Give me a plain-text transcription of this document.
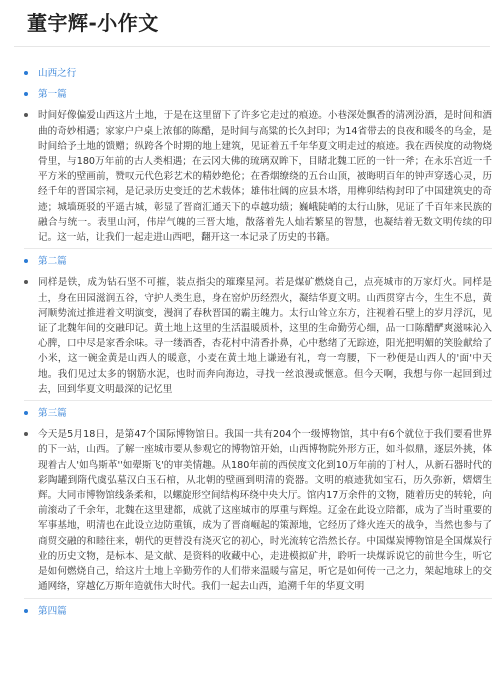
董宇辉-小作文
山西之行
第一篇
时间好像偏爱山西这片土地，于是在这里留下了许多它走过的痕迹。小巷深处飘香的清冽汾酒，是时间和酒曲的奇妙相遇；家家户户桌上浓郁的陈醋，是时间与高粱的长久封印；为14省带去的良夜和暖冬的乌金，是时间给予土地的馈赠；纵跨各个时期的地上建筑，见证着五千年华夏文明走过的痕迹。我在西侯度的动物烧骨里，与180万年前的古人类相遇；在云冈大佛的琉璃双眸下，目睹北魏工匠的一针一斧；在永乐宫近一千平方米的壁画前，赞叹元代色彩艺术的精妙绝伦；在香烟缭绕的五台山顶，被晦明百年的钟声穿透心灵，历经千年的晋国宗祠，是记录历史变迁的艺术载体；雄伟壮阔的应县木塔，用榫卯结构封印了中国建筑史的奇迹；城墙斑驳的平遥古城，彰显了晋商汇通天下的卓越功绩；巍峨陡峭的太行山脉，见证了千百年来民族的融合与统一。表里山河，伟岸气魄的三晋大地，散落着先人灿若繁星的智慧，也凝结着无数文明传续的印记。这一站，让我们一起走进山西吧，翻开这一本记录了历史的书籍。
第二篇
同样是铁，成为钻石坚不可摧，装点指尖的璀璨星河。若是煤矿燃烧自己，点亮城市的万家灯火。同样是土，身在田园滋润五谷，守护人类生息，身在窑炉历经烈火，凝结华夏文明。山西贯穿古今，生生不息，黄河顺势流过推进着文明演变，漫润了春秋晋国的霸主魄力。太行山耸立东方，注视着石壁上的岁月浮沉，见证了北魏年间的交融印记。黄土地上这里的生活温暖质朴，这里的生命勤劳心细，品一口陈醋酽爽滋味沁入心脾，口中尽是家香余味。寻一缕酒香，杏花村中清香扑鼻，心中愁绪了无踪迹，阳光把明媚的笑脸献给了小米，这一碗金黄是山西人的暖意，小麦在黄土地上谦逊有礼，弯一弯腰，下一秒便是山西人的'面'中天地。我们见过太多的钢筋水泥，也时而奔向海边，寻找一丝浪漫或惬意。但今天啊，我想与你一起回到过去，回到华夏文明最深的记忆里
第三篇
今天是5月18日，是第47个国际博物馆日。我国一共有204个一级博物馆，其中有6个就位于我们要看世界的下一站，山西。了解一座城市要从参观它的博物馆开始，山西博物院外形方正，如斗似鼎，逐层外挑，体现着古人'如鸟斯革''如翚斯飞'的审美情趣。从180年前的西侯度文化到10万年前的丁村人，从新石器时代的彩陶罐到隋代虞弘墓汉白玉石棺，从北朝的壁画到明清的瓷器。文明的痕迹犹如宝石，历久弥新，熠熠生辉。大同市博物馆线条柔和，以螺旋形空间结构环绕中央大厅。馆内17万余件的文物，随着历史的转轮，向前滚动了千余年，北魏在这里建都，成就了这座城市的厚重与辉煌。辽金在此设立陪都，成为了当时重要的军事基地，明清也在此设立边防重镇，成为了晋商崛起的策源地，它经历了烽火连天的战争，当然也参与了商贸交融的和睦往来，朝代的更替没有浇灭它的初心，时光流转它浩然长存。中国煤炭博物馆是全国煤炭行业的历史文物，是标本、是文献、是资料的收藏中心，走进模拟矿井，聆听一块煤诉说它的前世今生，听它是如何燃烧自己，给这片土地上辛勤劳作的人们带来温暖与富足，听它是如何传一己之力，架起地球上的交通网络，穿越亿万斯年造就伟大时代。我们一起去山西，追溯千年的华夏文明
第四篇
